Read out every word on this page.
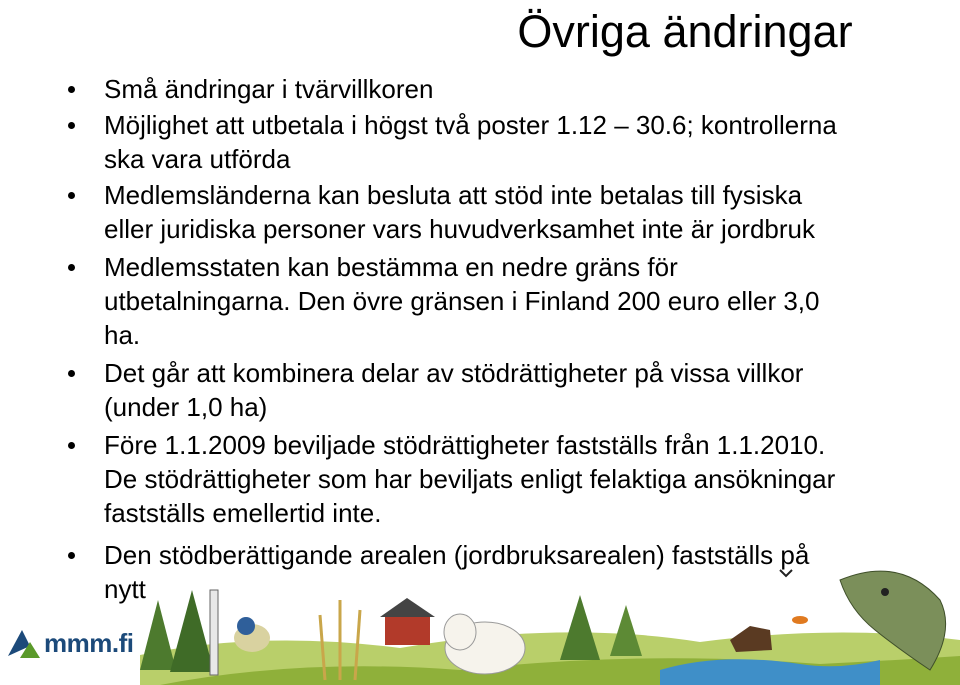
Övriga ändringar
Små ändringar i tvärvillkoren
Möjlighet att utbetala i högst två poster 1.12 – 30.6; kontrollerna
ska vara utförda
Medlemsländerna kan besluta att stöd inte betalas till fysiska
eller juridiska personer vars huvudverksamhet inte är jordbruk
Medlemsstaten kan bestämma en nedre gräns för
utbetalningarna. Den övre gränsen i Finland 200 euro eller 3,0
ha.
Det går att kombinera delar av stödrättigheter på vissa villkor
(under 1,0 ha)
Före 1.1.2009 beviljade stödrättigheter fastställs från 1.1.2010.
De stödrättigheter som har beviljats enligt felaktiga ansökningar
fastställs emellertid inte.
Den stödberättigande arealen (jordbruksarealen) fastställs på
nytt
mmm.fi
